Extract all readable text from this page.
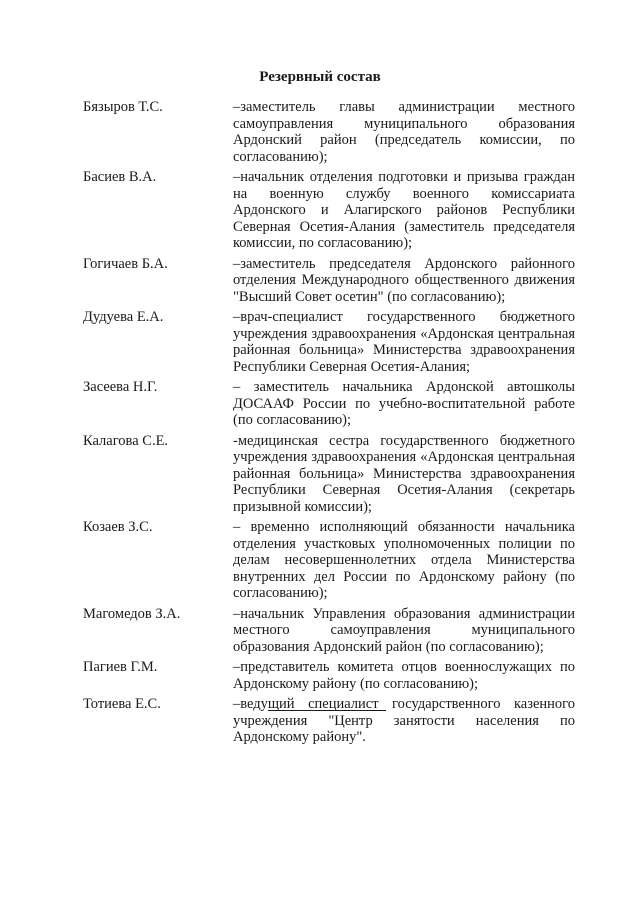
Резервный состав
Бязыров Т.С.	–заместитель главы администрации местного самоуправления муниципального образования Ардонский район (председатель комиссии, по согласованию);
Басиев В.А.	–начальник отделения подготовки и призыва граждан на военную службу военного комиссариата Ардонского и Алагирского районов Республики Северная Осетия-Алания (заместитель председателя комиссии, по согласованию);
Гогичаев Б.А.	–заместитель председателя Ардонского районного отделения Международного общественного движения "Высший Совет осетин" (по согласованию);
Дудуева Е.А.	–врач-специалист государственного бюджетного учреждения здравоохранения «Ардонская центральная районная больница» Министерства здравоохранения Республики Северная Осетия-Алания;
Засеева Н.Г.	– заместитель начальника Ардонской автошколы ДОСААФ России по учебно-воспитательной работе (по согласованию);
Калагова С.Е.	-медицинская сестра государственного бюджетного учреждения здравоохранения «Ардонская центральная районная больница» Министерства здравоохранения Республики Северная Осетия-Алания (секретарь призывной комиссии);
Козаев З.С.	– временно исполняющий обязанности начальника отделения участковых уполномоченных полиции по делам несовершеннолетних отдела Министерства внутренних дел России по Ардонскому району (по согласованию);
Магомедов З.А.	–начальник Управления образования администрации местного самоуправления муниципального образования Ардонский район (по согласованию);
Пагиев Г.М.	–представитель комитета отцов военнослужащих по Ардонскому району (по согласованию);
Тотиева Е.С.	–ведущий специалист государственного казенного учреждения "Центр занятости населения по Ардонскому району".
